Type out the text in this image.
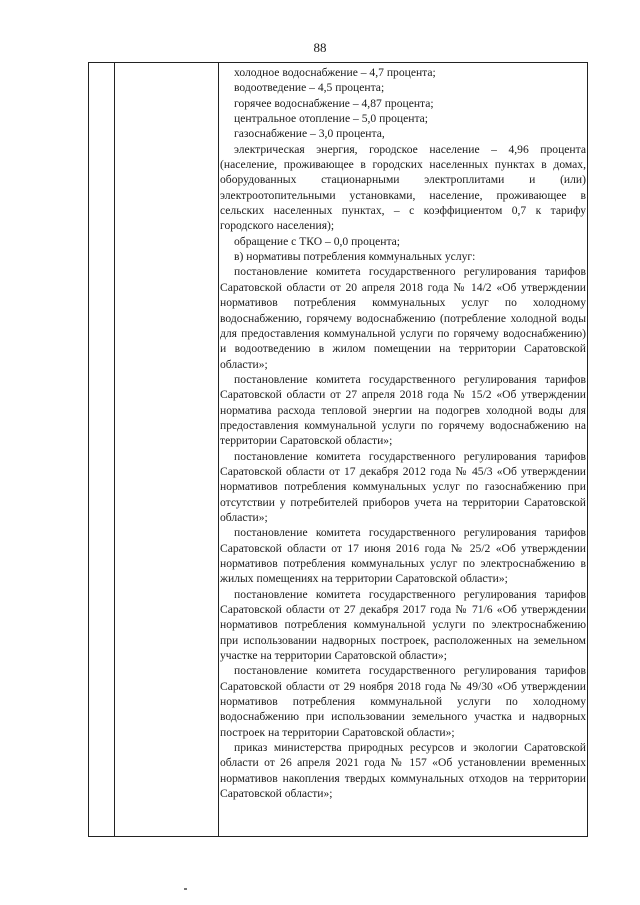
88

холодное водоснабжение – 4,7 процента;

водоотведение – 4,5 процента;

горячее водоснабжение – 4,87 процента;

центральное отопление – 5,0 процента;

газоснабжение – 3,0 процента,

электрическая энергия, городское население – 4,96 процента (население, проживающее в городских населенных пунктах в домах, оборудованных стационарными электроплитами и (или) электроотопительными установками, население, проживающее в сельских населенных пунктах, – с коэффициентом 0,7 к тарифу городского населения);

обращение с ТКО – 0,0 процента;

в) нормативы потребления коммунальных услуг:

постановление комитета государственного регулирования тарифов Саратовской области от 20 апреля 2018 года № 14/2 «Об утверждении нормативов потребления коммунальных услуг по холодному водоснабжению, горячему водоснабжению (потребление холодной воды для предоставления коммунальной услуги по горячему водоснабжению) и водоотведению в жилом помещении на территории Саратовской области»;

постановление комитета государственного регулирования тарифов Саратовской области от 27 апреля 2018 года № 15/2 «Об утверждении норматива расхода тепловой энергии на подогрев холодной воды для предоставления коммунальной услуги по горячему водоснабжению на территории Саратовской области»;

постановление комитета государственного регулирования тарифов Саратовской области от 17 декабря 2012 года № 45/3 «Об утверждении нормативов потребления коммунальных услуг по газоснабжению при отсутствии у потребителей приборов учета на территории Саратовской области»;

постановление комитета государственного регулирования тарифов Саратовской области от 17 июня 2016 года № 25/2 «Об утверждении нормативов потребления коммунальных услуг по электроснабжению в жилых помещениях на территории Саратовской области»;

постановление комитета государственного регулирования тарифов Саратовской области от 27 декабря 2017 года № 71/6 «Об утверждении нормативов потребления коммунальной услуги по электроснабжению при использовании надворных построек, расположенных на земельном участке на территории Саратовской области»;

постановление комитета государственного регулирования тарифов Саратовской области от 29 ноября 2018 года № 49/30 «Об утверждении нормативов потребления коммунальной услуги по холодному водоснабжению при использовании земельного участка и надворных построек на территории Саратовской области»;

приказ министерства природных ресурсов и экологии Саратовской области от 26 апреля 2021 года № 157 «Об установлении временных нормативов накопления твердых коммунальных отходов на территории Саратовской области»;
